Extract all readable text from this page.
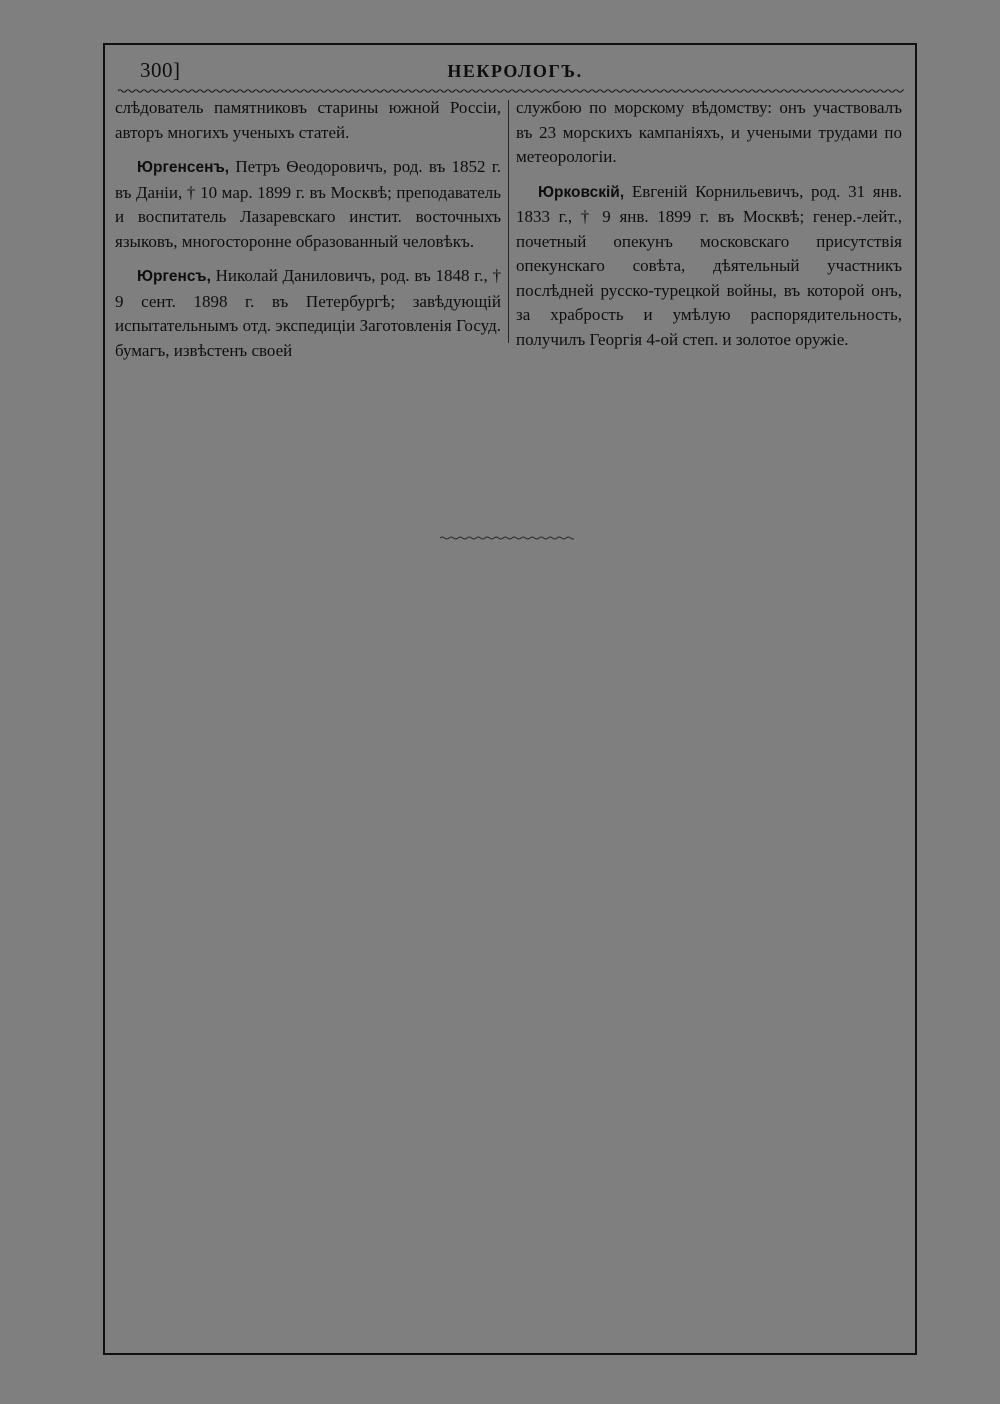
300]	НЕКРОЛОГЪ.

слѣдователь памятниковъ старины южной Россіи, авторъ многихъ ученыхъ статей.

Юргенсенъ, Петръ Ѳеодоровичъ, род. въ 1852 г. въ Даніи, † 10 мар. 1899 г. въ Москвѣ; преподаватель и воспитатель Лазаревскаго инстит. восточныхъ языковъ, многосторонне образованный человѣкъ.

Юргенсъ, Николай Даниловичъ, род. въ 1848 г., † 9 сент. 1898 г. въ Петербургѣ; завѣдующій испытательнымъ отд. экспедиціи Заготовленія Госуд. бумагъ, извѣстенъ своей

службою по морскому вѣдомству: онъ участвовалъ въ 23 морскихъ кампаніяхъ, и учеными трудами по метеорологіи.

Юрковскій, Евгеній Корнильевичъ, род. 31 янв. 1833 г., † 9 янв. 1899 г. въ Москвѣ; генер.-лейт., почетный опекунъ московскаго присутствія опекунскаго совѣта, дѣятельный участникъ послѣдней русско-турецкой войны, въ которой онъ, за храбрость и умѣлую распорядительность, получилъ Георгія 4-ой степ. и золотое оружіе.
